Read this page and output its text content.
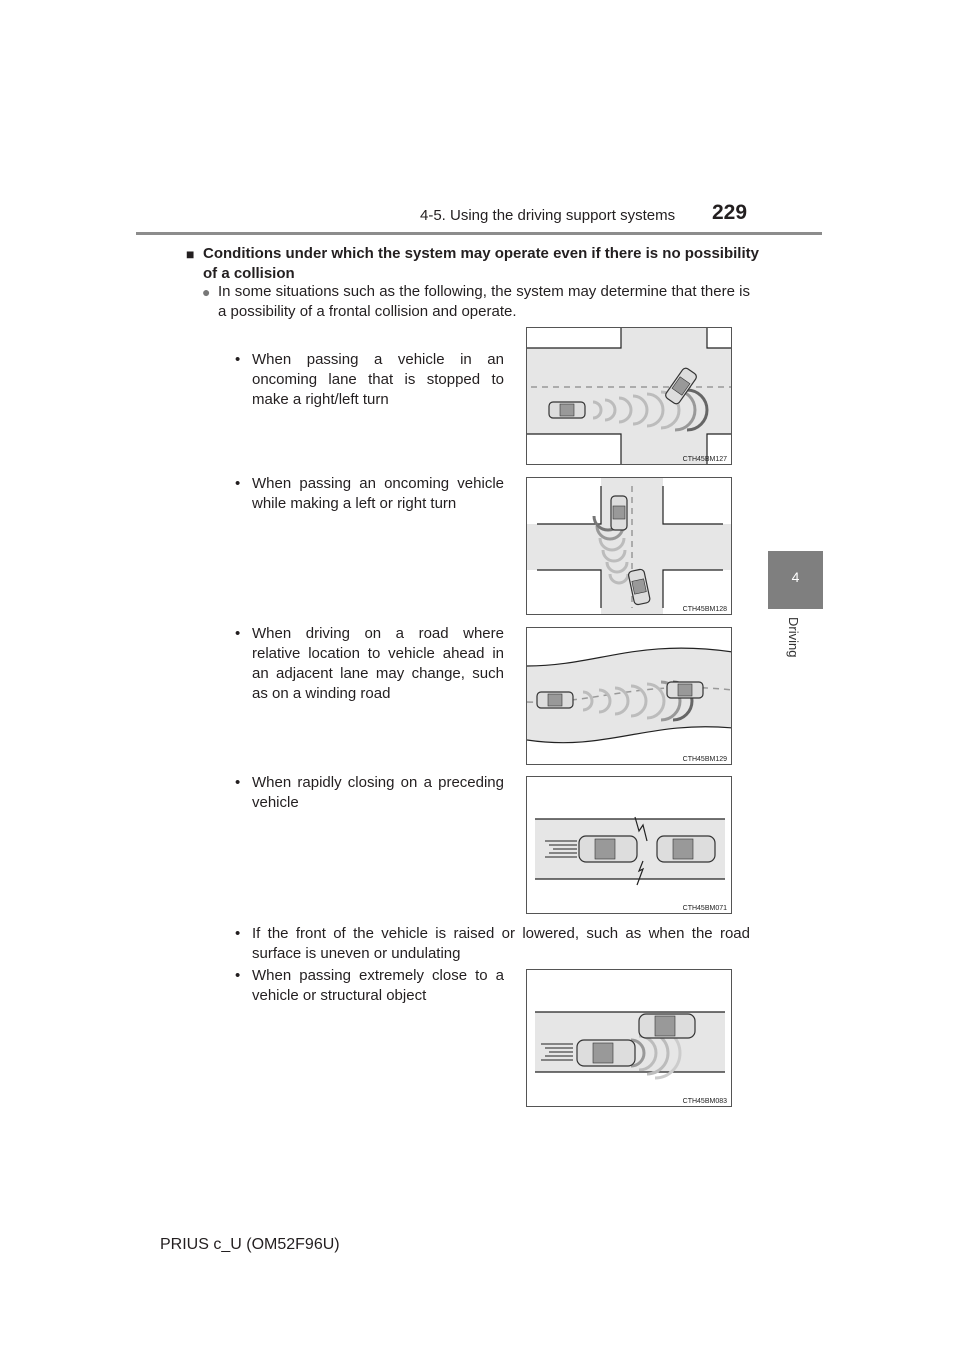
4-5. Using the driving support systems 229
4
Driving
■ Conditions under which the system may operate even if there is no possibility of a collision
● In some situations such as the following, the system may determine that there is a possibility of a frontal collision and operate.
• When passing a vehicle in an oncoming lane that is stopped to make a right/left turn
CTH45BM127
• When passing an oncoming vehicle while making a left or right turn
CTH45BM128
• When driving on a road where relative location to vehicle ahead in an adjacent lane may change, such as on a winding road
CTH45BM129
• When rapidly closing on a preceding vehicle
CTH45BM071
• If the front of the vehicle is raised or lowered, such as when the road surface is uneven or undulating
• When passing extremely close to a vehicle or structural object
CTH45BM083
PRIUS c_U (OM52F96U)
